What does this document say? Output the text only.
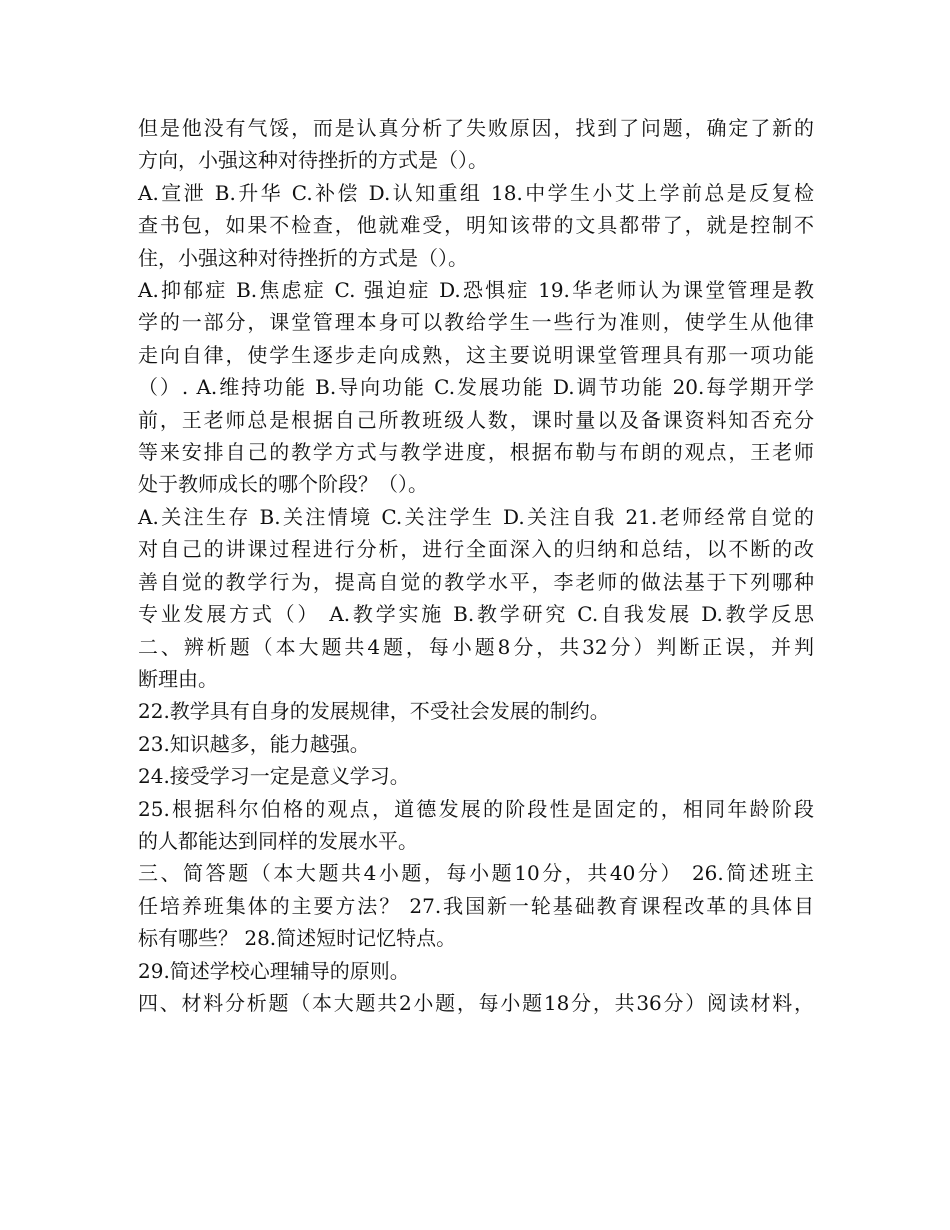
但是他没有气馁，而是认真分析了失败原因，找到了问题，确定了新的
方向，小强这种对待挫折的方式是（）。
A.宣泄 B.升华 C.补偿 D.认知重组 18.中学生小艾上学前总是反复检
查书包，如果不检查，他就难受，明知该带的文具都带了，就是控制不
住，小强这种对待挫折的方式是（）。
A.抑郁症 B.焦虑症 C. 强迫症 D.恐惧症 19.华老师认为课堂管理是教
学的一部分，课堂管理本身可以教给学生一些行为准则，使学生从他律
走向自律，使学生逐步走向成熟，这主要说明课堂管理具有那一项功能
（）. A.维持功能 B.导向功能 C.发展功能 D.调节功能 20.每学期开学
前，王老师总是根据自己所教班级人数，课时量以及备课资料知否充分
等来安排自己的教学方式与教学进度，根据布勒与布朗的观点，王老师
处于教师成长的哪个阶段？（）。
A.关注生存 B.关注情境 C.关注学生 D.关注自我 21.老师经常自觉的
对自己的讲课过程进行分析，进行全面深入的归纳和总结，以不断的改
善自觉的教学行为，提高自觉的教学水平，李老师的做法基于下列哪种
专业发展方式（） A.教学实施 B.教学研究 C.自我发展 D.教学反思
二、辨析题（本大题共4题，每小题8分，共32分）判断正误，并判
断理由。
22.教学具有自身的发展规律，不受社会发展的制约。
23.知识越多，能力越强。
24.接受学习一定是意义学习。
25.根据科尔伯格的观点，道德发展的阶段性是固定的，相同年龄阶段
的人都能达到同样的发展水平。
三、简答题（本大题共4小题，每小题10分，共40分） 26.简述班主
任培养班集体的主要方法？ 27.我国新一轮基础教育课程改革的具体目
标有哪些？ 28.简述短时记忆特点。
29.简述学校心理辅导的原则。
四、材料分析题（本大题共2小题，每小题18分，共36分）阅读材料，
